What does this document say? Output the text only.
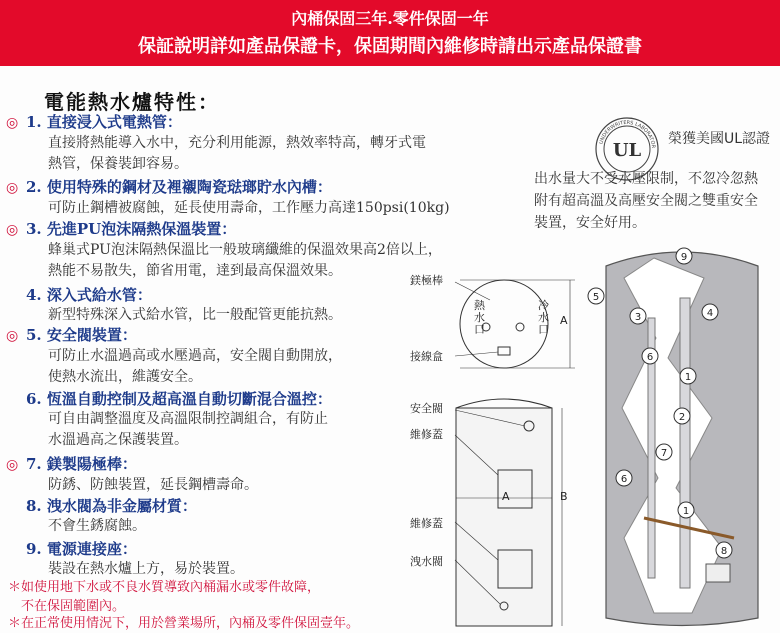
內桶保固三年.零件保固一年
保証說明詳如產品保證卡，保固期間內維修時請出示產品保證書
電能熱水爐特性：
◎ 1. 直接浸入式電熱管：
直接將熱能導入水中，充分利用能源，熱效率特高，轉牙式電
熱管，保養裝卸容易。
◎ 2. 使用特殊的鋼材及裡襯陶瓷琺瑯貯水內槽：
可防止鋼槽被腐蝕，延長使用壽命，工作壓力高達150psi(10kg)
◎ 3. 先進PU泡沫隔熱保溫裝置：
蜂巢式PU泡沫隔熱保溫比一般玻璃纖維的保溫效果高2倍以上，
熱能不易散失，節省用電，達到最高保溫效果。
4. 深入式給水管：
新型特殊深入式給水管，比一般配管更能抗熱。
◎ 5. 安全閥裝置：
可防止水溫過高或水壓過高，安全閥自動開放，
使熱水流出，維護安全。
6. 恆溫自動控制及超高溫自動切斷混合溫控：
可自由調整溫度及高溫限制控調組合，有防止
水溫過高之保護裝置。
◎ 7. 鎂製陽極棒：
防銹、防蝕裝置，延長鋼槽壽命。
8. 洩水閥為非金屬材質：
不會生銹腐蝕。
9. 電源連接座：
裝設在熱水爐上方，易於裝置。
＊如使用地下水或不良水質導致內桶漏水或零件故障，
　不在保固範圍內。
＊在正常使用情況下，用於營業場所，內桶及零件保固壹年。
UL
UNDERWRITERS LABORATOR 榮獲美國UL認證
出水量大不受水壓限制，不忽冷忽熱
附有超高溫及高壓安全閥之雙重安全
裝置，安全好用。
鎂極棒
接線盒
安全閥
維修蓋
維修蓋
洩水閥
熱水口
冷水口
A
A	B
9
5
3	4
6
1
2
7
6
1
8
